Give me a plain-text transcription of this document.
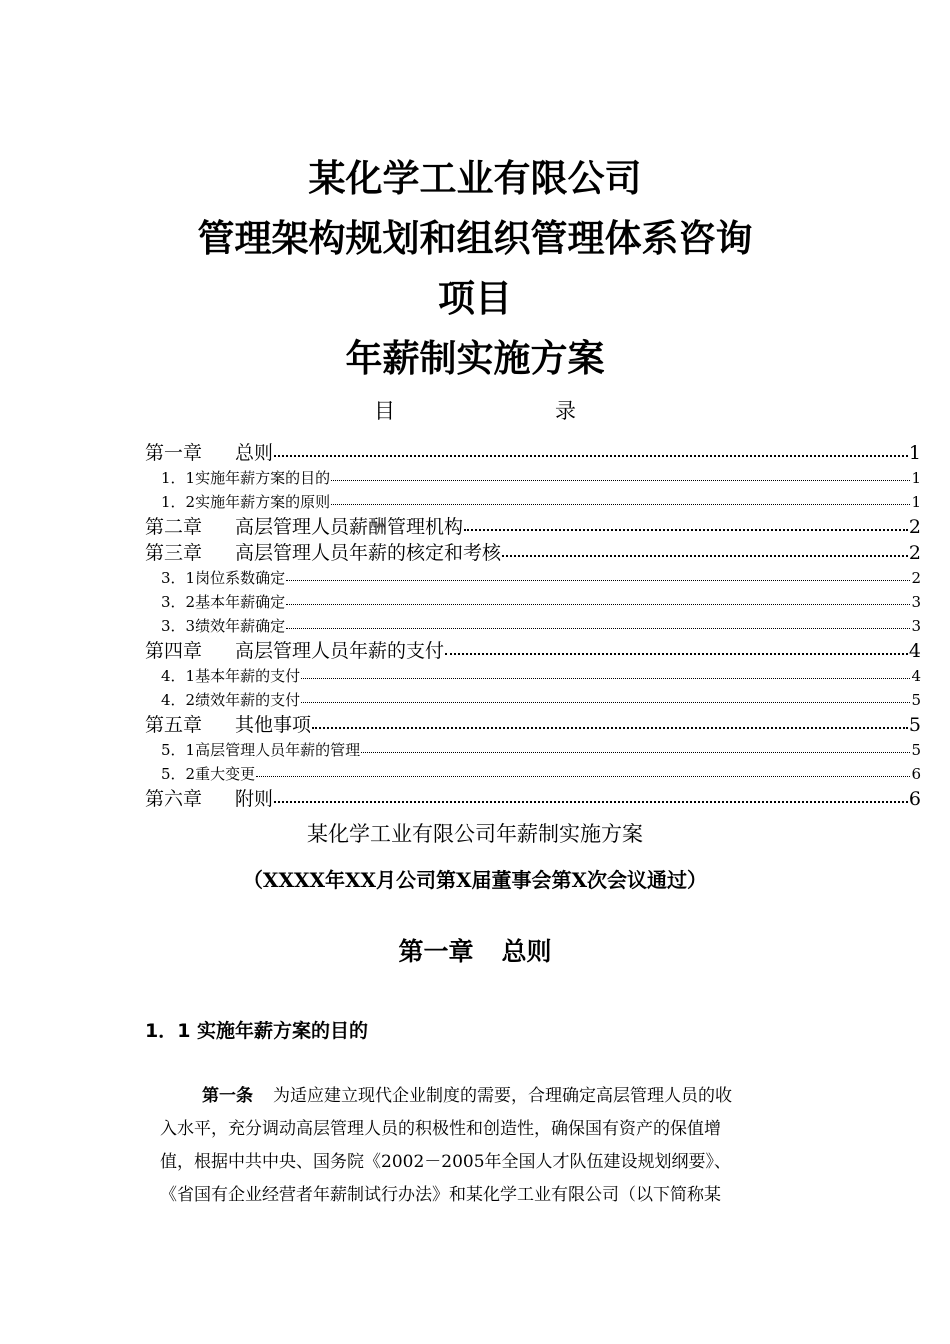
某化学工业有限公司
管理架构规划和组织管理体系咨询
项目
年薪制实施方案
目	录
第一章	总则	1
1．1 实施年薪方案的目的	1
1．2 实施年薪方案的原则	1
第二章	高层管理人员薪酬管理机构	2
第三章	高层管理人员年薪的核定和考核	2
3．1 岗位系数确定	2
3．2 基本年薪确定	3
3．3 绩效年薪确定	3
第四章	高层管理人员年薪的支付	4
4．1 基本年薪的支付	4
4．2 绩效年薪的支付	5
第五章	其他事项	5
5．1 高层管理人员年薪的管理	5
5．2 重大变更	6
第六章	附则	6
某化学工业有限公司年薪制实施方案
（XXXX年XX月公司第X届董事会第X次会议通过）
第一章 总则
1．1 实施年薪方案的目的
第一条 为适应建立现代企业制度的需要，合理确定高层管理人员的收
入水平，充分调动高层管理人员的积极性和创造性，确保国有资产的保值增
值，根据中共中央、国务院《2002－2005年全国人才队伍建设规划纲要》、
《省国有企业经营者年薪制试行办法》和某化学工业有限公司（以下简称某
